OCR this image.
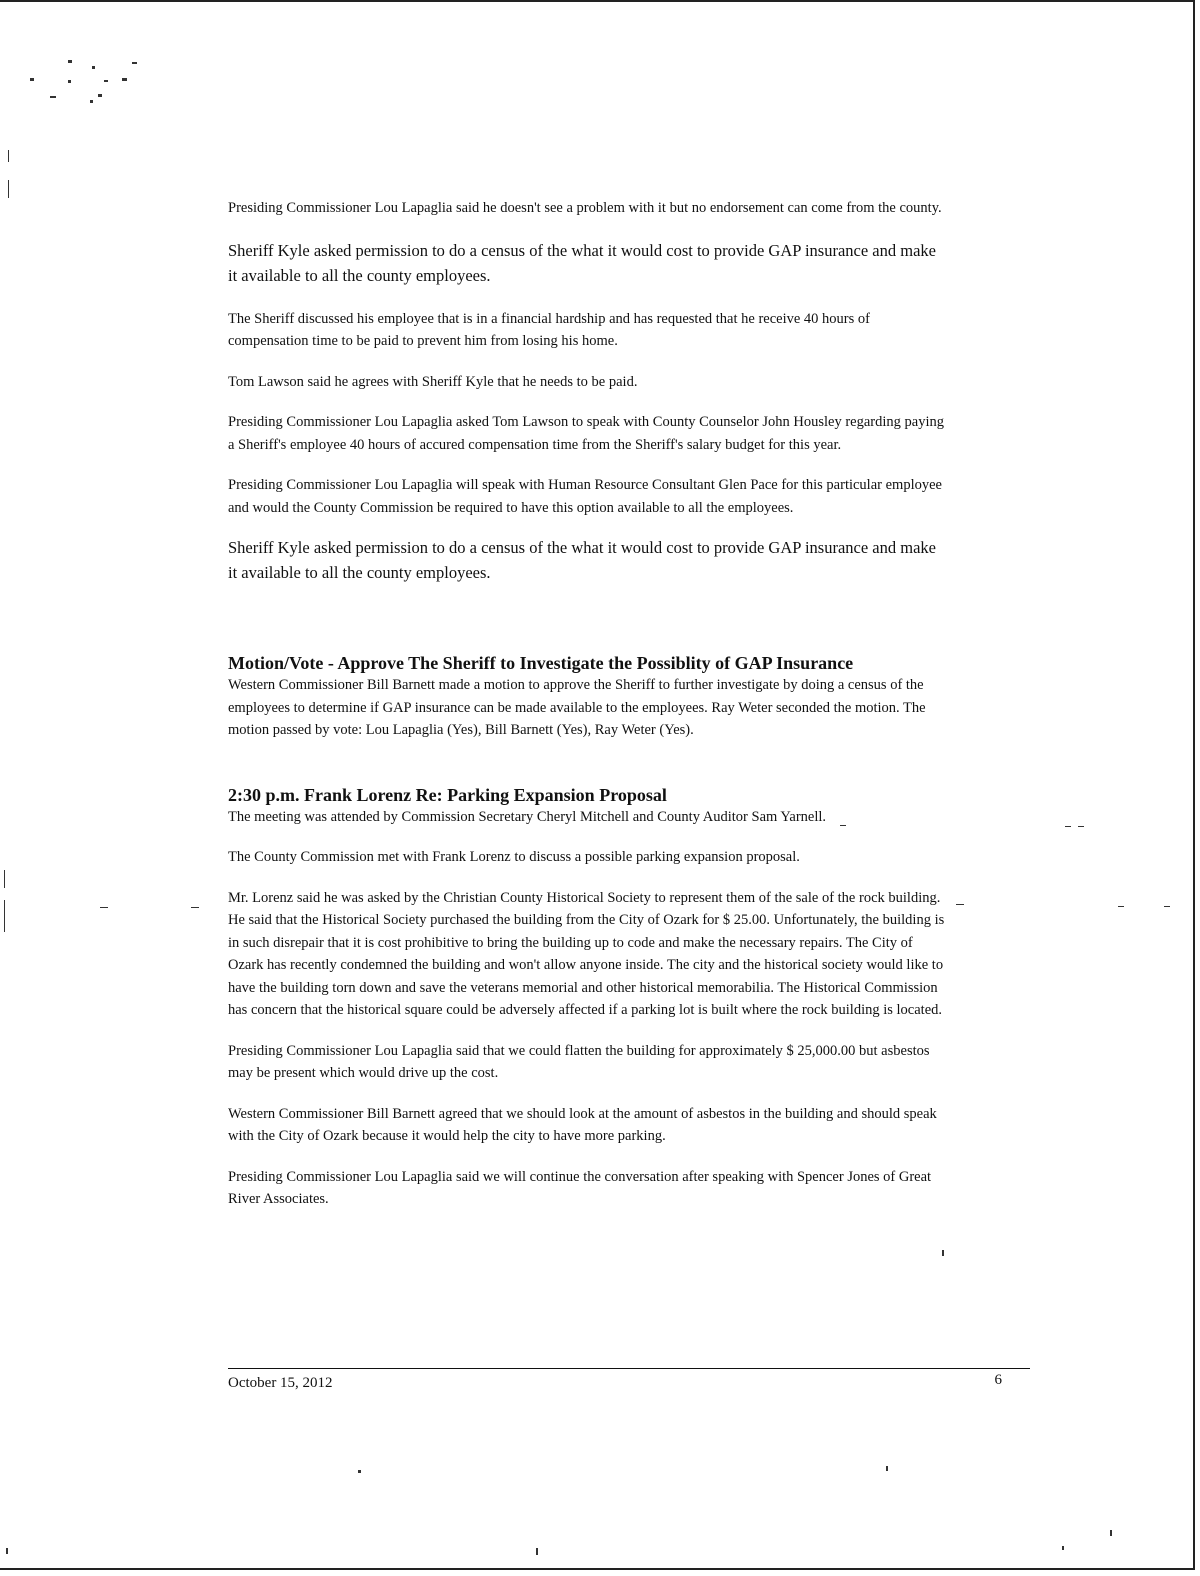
Presiding Commissioner Lou Lapaglia said he doesn't see a problem with it but no endorsement can come from the county.

Sheriff Kyle asked permission to do a census of the what it would cost to provide GAP insurance and make it available to all the county employees.

The Sheriff discussed his employee that is in a financial hardship and has requested that he receive 40 hours of compensation time to be paid to prevent him from losing his home.

Tom Lawson said he agrees with Sheriff Kyle that he needs to be paid.

Presiding Commissioner Lou Lapaglia asked Tom Lawson to speak with County Counselor John Housley regarding paying a Sheriff's employee 40 hours of accured compensation time from the Sheriff's salary budget for this year.

Presiding Commissioner Lou Lapaglia will speak with Human Resource Consultant Glen Pace for this particular employee and would the County Commission be required to have this option available to all the employees.

Sheriff Kyle asked permission to do a census of the what it would cost to provide GAP insurance and make it available to all the county employees.

Motion/Vote - Approve The Sheriff to Investigate the Possiblity of GAP Insurance

Western Commissioner Bill Barnett made a motion to approve the Sheriff to further investigate by doing a census of the employees to determine if GAP insurance can be made available to the employees. Ray Weter seconded the motion. The motion passed by vote: Lou Lapaglia (Yes), Bill Barnett (Yes), Ray Weter (Yes).

2:30 p.m. Frank Lorenz Re: Parking Expansion Proposal

The meeting was attended by Commission Secretary Cheryl Mitchell and County Auditor Sam Yarnell.

The County Commission met with Frank Lorenz to discuss a possible parking expansion proposal.

Mr. Lorenz said he was asked by the Christian County Historical Society to represent them of the sale of the rock building. He said that the Historical Society purchased the building from the City of Ozark for $ 25.00. Unfortunately, the building is in such disrepair that it is cost prohibitive to bring the building up to code and make the necessary repairs. The City of Ozark has recently condemned the building and won't allow anyone inside. The city and the historical society would like to have the building torn down and save the veterans memorial and other historical memorabilia. The Historical Commission has concern that the historical square could be adversely affected if a parking lot is built where the rock building is located.

Presiding Commissioner Lou Lapaglia said that we could flatten the building for approximately $ 25,000.00 but asbestos may be present which would drive up the cost.

Western Commissioner Bill Barnett agreed that we should look at the amount of asbestos in the building and should speak with the City of Ozark because it would help the city to have more parking.

Presiding Commissioner Lou Lapaglia said we will continue the conversation after speaking with Spencer Jones of Great River Associates.

October 15, 2012	6
